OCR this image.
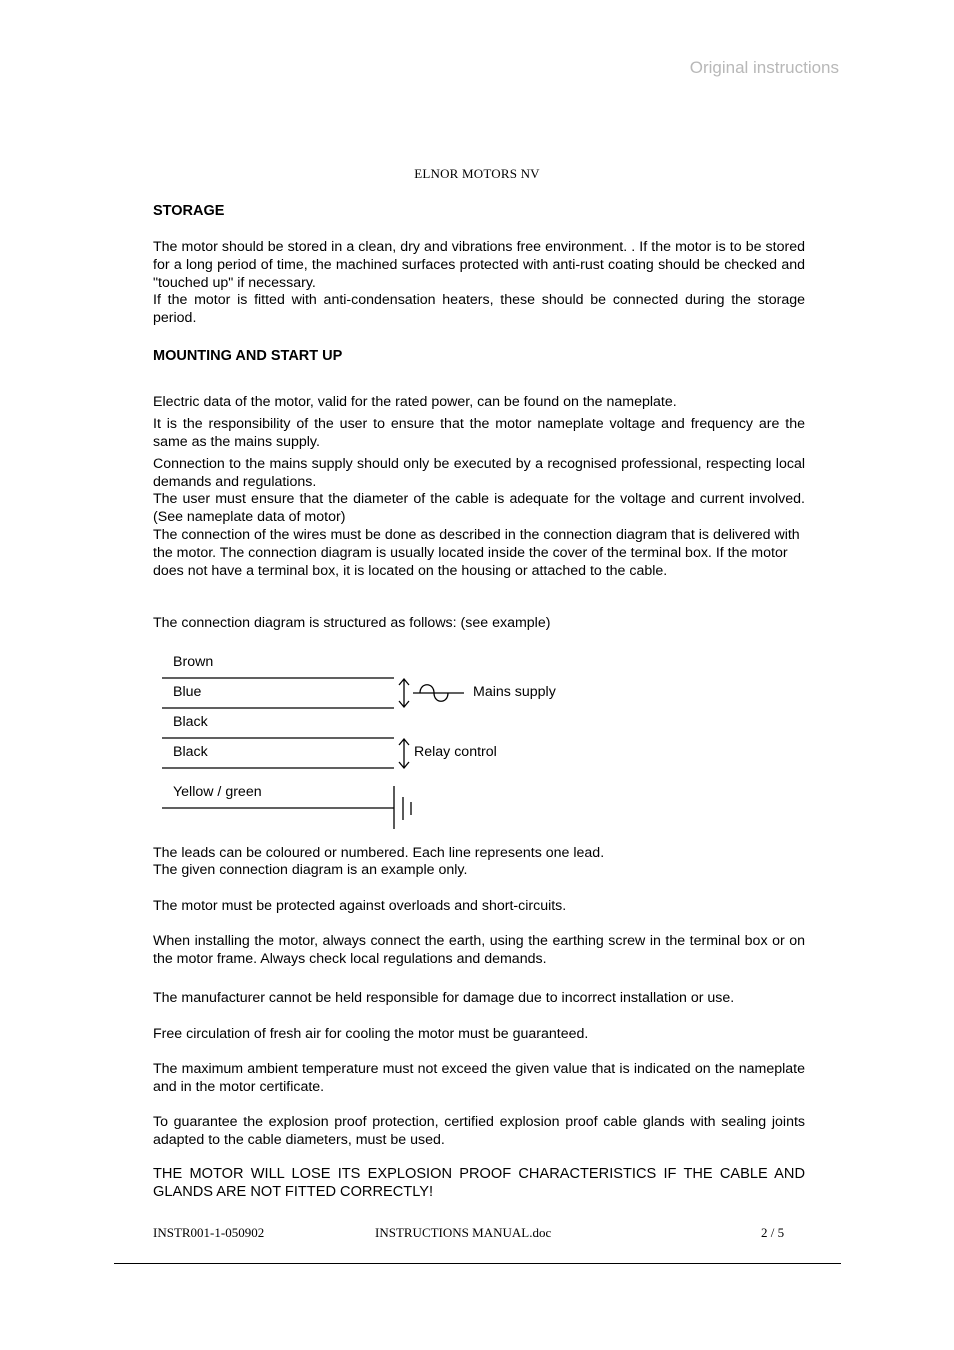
Original instructions
ELNOR MOTORS NV
STORAGE

The motor should be stored in a clean, dry and vibrations free environment. . If the motor is to be stored for a long period of time, the machined surfaces protected with anti-rust coating should be checked and "touched up" if necessary.

If the motor is fitted with anti-condensation heaters, these should be connected during the storage period.

MOUNTING AND START UP

Electric data of the motor, valid for the rated power, can be found on the nameplate.

It is the responsibility of the user to ensure that the motor nameplate voltage and frequency are the same as the mains supply.

Connection to the mains supply should only be executed by a recognised professional, respecting local demands and regulations.

The user must ensure that the diameter of the cable is adequate for the voltage and current involved. (See nameplate data of motor)

The connection of the wires must be done as described in the connection diagram that is delivered with the motor. The connection diagram is usually located inside the cover of the terminal box. If the motor does not have a terminal box, it is located on the housing or attached to the cable.

The connection diagram is structured as follows: (see example)

Brown
Blue
Black
Black
Yellow / green
Mains supply
Relay control

The leads can be coloured or numbered. Each line represents one lead.

The given connection diagram is an example only.

The motor must be protected against overloads and short-circuits.

When installing the motor, always connect the earth, using the earthing screw in the terminal box or on the motor frame. Always check local regulations and demands.

The manufacturer cannot be held responsible for damage due to incorrect installation or use.

Free circulation of fresh air for cooling the motor must be guaranteed.

The maximum ambient temperature must not exceed the given value that is indicated on the nameplate and in the motor certificate.

To guarantee the explosion proof protection, certified explosion proof cable glands with sealing joints adapted to the cable diameters, must be used.

THE MOTOR WILL LOSE ITS EXPLOSION PROOF CHARACTERISTICS IF THE CABLE AND GLANDS ARE NOT FITTED CORRECTLY!

INSTR001-1-050902	INSTRUCTIONS MANUAL.doc	2 / 5
